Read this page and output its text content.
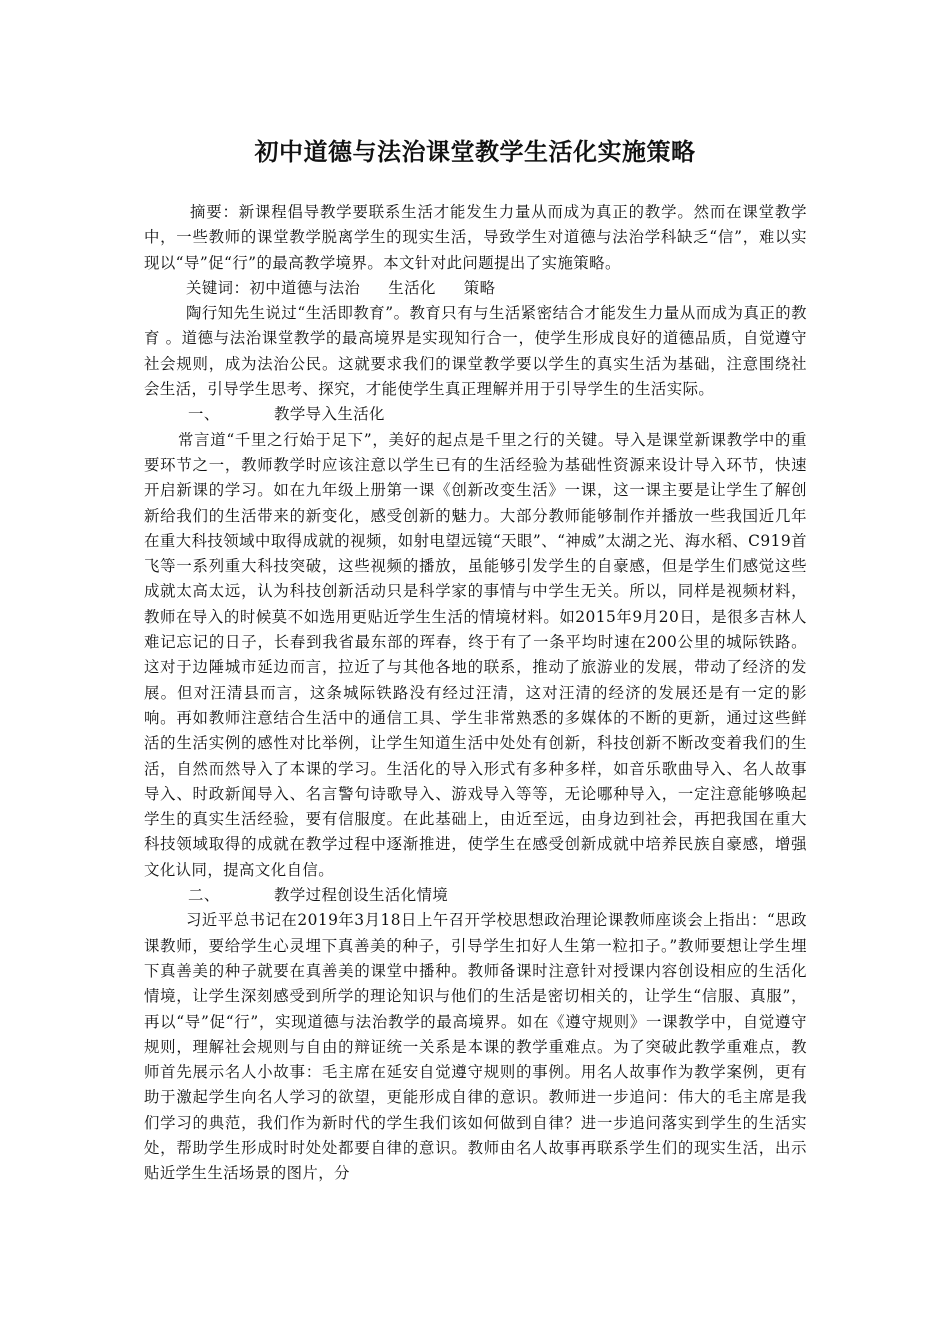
初中道德与法治课堂教学生活化实施策略

摘要：新课程倡导教学要联系生活才能发生力量从而成为真正的教学。然而在课堂教学中，一些教师的课堂教学脱离学生的现实生活，导致学生对道德与法治学科缺乏“信”，难以实现以“导”促“行”的最高教学境界。本文针对此问题提出了实施策略。

关键词：初中道德与法治 生活化 策略

陶行知先生说过“生活即教育”。教育只有与生活紧密结合才能发生力量从而成为真正的教育 。道德与法治课堂教学的最高境界是实现知行合一，使学生形成良好的道德品质，自觉遵守社会规则，成为法治公民。这就要求我们的课堂教学要以学生的真实生活为基础，注意围绕社会生活，引导学生思考、探究，才能使学生真正理解并用于引导学生的生活实际。

一、	教学导入生活化

常言道“千里之行始于足下”，美好的起点是千里之行的关键。导入是课堂新课教学中的重要环节之一，教师教学时应该注意以学生已有的生活经验为基础性资源来设计导入环节，快速开启新课的学习。如在九年级上册第一课《创新改变生活》一课，这一课主要是让学生了解创新给我们的生活带来的新变化，感受创新的魅力。大部分教师能够制作并播放一些我国近几年在重大科技领域中取得成就的视频，如射电望远镜“天眼”、“神威”太湖之光、海水稻、C919首飞等一系列重大科技突破，这些视频的播放，虽能够引发学生的自豪感，但是学生们感觉这些成就太高太远，认为科技创新活动只是科学家的事情与中学生无关。所以，同样是视频材料，教师在导入的时候莫不如选用更贴近学生生活的情境材料。如2015年9月20日，是很多吉林人难记忘记的日子，长春到我省最东部的珲春，终于有了一条平均时速在200公里的城际铁路。这对于边陲城市延边而言，拉近了与其他各地的联系，推动了旅游业的发展，带动了经济的发展。但对汪清县而言，这条城际铁路没有经过汪清，这对汪清的经济的发展还是有一定的影响。再如教师注意结合生活中的通信工具、学生非常熟悉的多媒体的不断的更新，通过这些鲜活的生活实例的感性对比举例，让学生知道生活中处处有创新，科技创新不断改变着我们的生活，自然而然导入了本课的学习。生活化的导入形式有多种多样，如音乐歌曲导入、名人故事导入、时政新闻导入、名言警句诗歌导入、游戏导入等等，无论哪种导入，一定注意能够唤起学生的真实生活经验，要有信服度。在此基础上，由近至远，由身边到社会，再把我国在重大科技领域取得的成就在教学过程中逐渐推进，使学生在感受创新成就中培养民族自豪感，增强文化认同，提高文化自信。

二、	教学过程创设生活化情境

习近平总书记在2019年3月18日上午召开学校思想政治理论课教师座谈会上指出：“思政课教师，要给学生心灵埋下真善美的种子，引导学生扣好人生第一粒扣子。”教师要想让学生埋下真善美的种子就要在真善美的课堂中播种。教师备课时注意针对授课内容创设相应的生活化情境，让学生深刻感受到所学的理论知识与他们的生活是密切相关的，让学生“信服、真服”，再以“导”促“行”，实现道德与法治教学的最高境界。如在《遵守规则》一课教学中，自觉遵守规则，理解社会规则与自由的辩证统一关系是本课的教学重难点。为了突破此教学重难点，教师首先展示名人小故事：毛主席在延安自觉遵守规则的事例。用名人故事作为教学案例，更有助于激起学生向名人学习的欲望，更能形成自律的意识。教师进一步追问：伟大的毛主席是我们学习的典范，我们作为新时代的学生我们该如何做到自律？进一步追问落实到学生的生活实处，帮助学生形成时时处处都要自律的意识。教师由名人故事再联系学生们的现实生活，出示贴近学生生活场景的图片，分
